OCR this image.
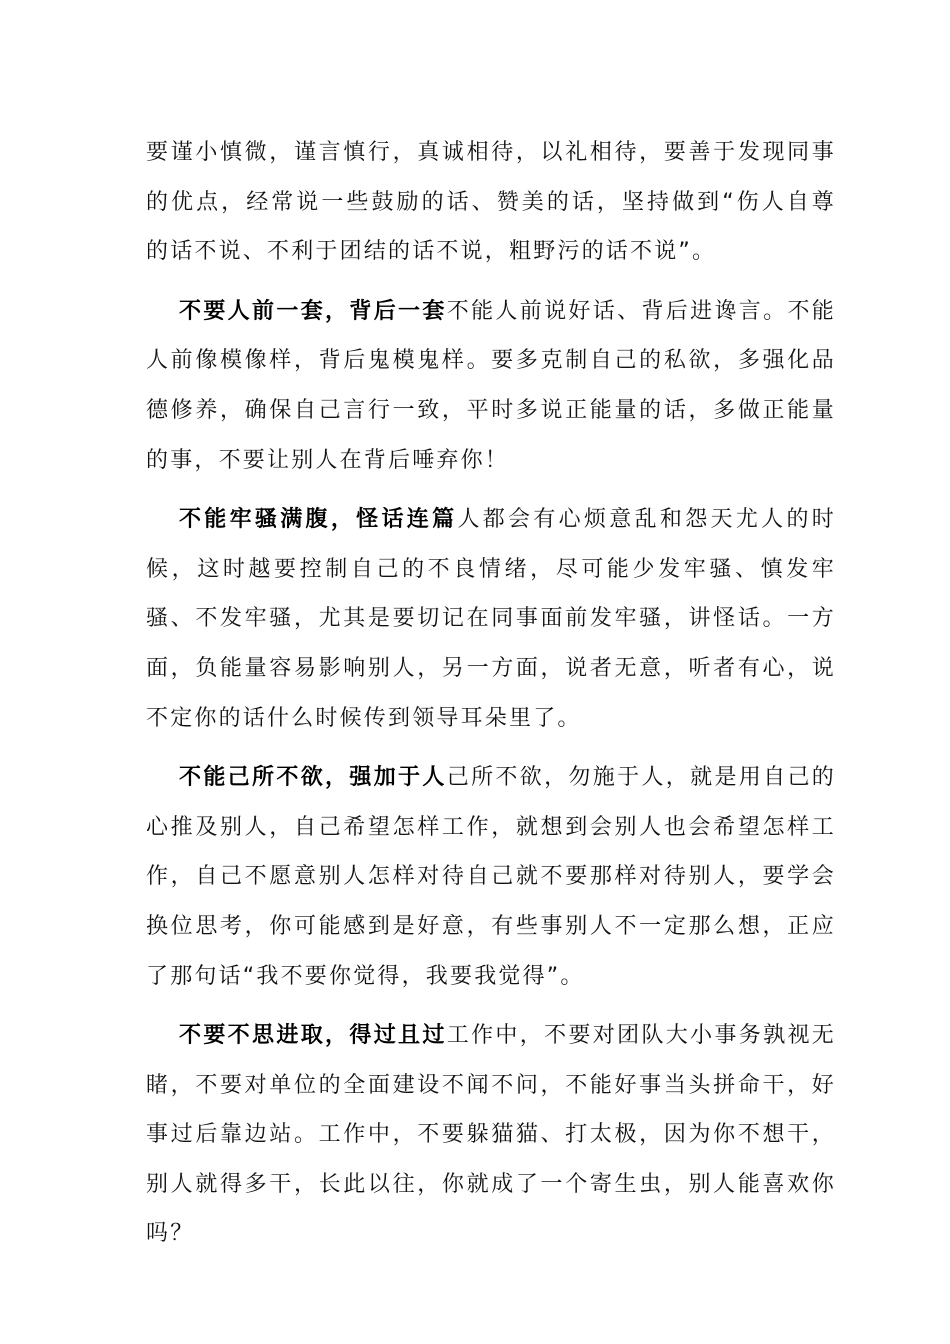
要谨小慎微，谨言慎行，真诚相待，以礼相待，要善于发现同事的优点，经常说一些鼓励的话、赞美的话，坚持做到“伤人自尊的话不说、不利于团结的话不说，粗野污的话不说”。

不要人前一套，背后一套不能人前说好话、背后进谗言。不能人前像模像样，背后鬼模鬼样。要多克制自己的私欲，多强化品德修养，确保自己言行一致，平时多说正能量的话，多做正能量的事，不要让别人在背后唾弃你！

不能牢骚满腹，怪话连篇人都会有心烦意乱和怨天尤人的时候，这时越要控制自己的不良情绪，尽可能少发牢骚、慎发牢骚、不发牢骚，尤其是要切记在同事面前发牢骚，讲怪话。一方面，负能量容易影响别人，另一方面，说者无意，听者有心，说不定你的话什么时候传到领导耳朵里了。

不能己所不欲，强加于人己所不欲，勿施于人，就是用自己的心推及别人，自己希望怎样工作，就想到会别人也会希望怎样工作，自己不愿意别人怎样对待自己就不要那样对待别人，要学会换位思考，你可能感到是好意，有些事别人不一定那么想，正应了那句话“我不要你觉得，我要我觉得”。

不要不思进取，得过且过工作中，不要对团队大小事务孰视无睹，不要对单位的全面建设不闻不问，不能好事当头拼命干，好事过后靠边站。工作中，不要躲猫猫、打太极，因为你不想干，别人就得多干，长此以往，你就成了一个寄生虫，别人能喜欢你吗？
